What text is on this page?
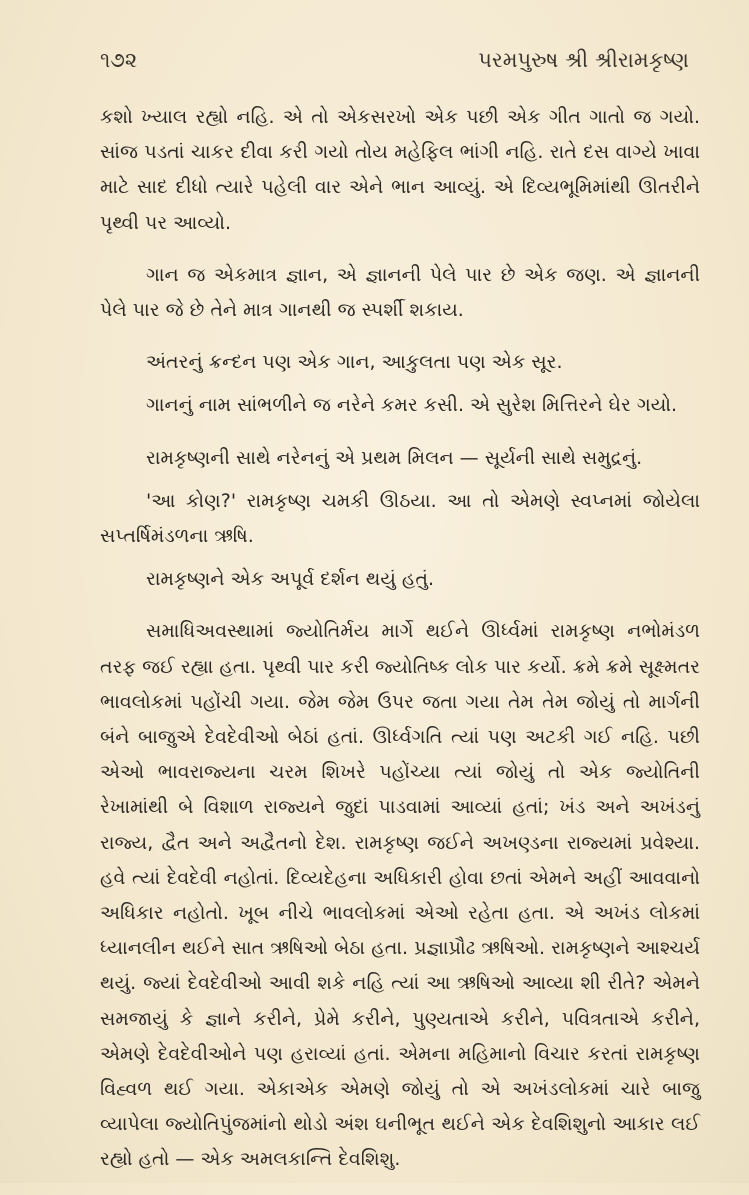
૧૭૨	પરમપુરુષ શ્રી શ્રીરામકૃષ્ણ

કશો ખ્યાલ રહ્યો નહિ. એ તો એકસરખો એક પછી એક ગીત ગાતો જ ગયો. સાંજ પડતાં ચાકર દીવા કરી ગયો તોય મહેફિલ ભાંગી નહિ. રાતે દસ વાગ્યે ખાવા માટે સાદ દીધો ત્યારે પહેલી વાર એને ભાન આવ્યું. એ દિવ્યભૂમિમાંથી ઊતરીને પૃથ્વી પર આવ્યો.

ગાન જ એકમાત્ર જ્ઞાન, એ જ્ઞાનની પેલે પાર છે એક જણ. એ જ્ઞાનની પેલે પાર જે છે તેને માત્ર ગાનથી જ સ્પર્શી શકાય.

અંતરનું ક્રન્દન પણ એક ગાન, આકુલતા પણ એક સૂર.

ગાનનું નામ સાંભળીને જ નરેને કમર કસી. એ સુરેશ મિત્તિરને ઘેર ગયો.

રામકૃષ્ણની સાથે નરેનનું એ પ્રથમ મિલન — સૂર્યની સાથે સમુદ્રનું.

'આ કોણ?' રામકૃષ્ણ ચમકી ઊઠયા. આ તો એમણે સ્વપ્નમાં જોયેલા સપ્તર્ષિમંડળના ઋષિ.

રામકૃષ્ણને એક અપૂર્વ દર્શન થયું હતું.

સમાધિઅવસ્થામાં જ્યોતિર્મય માર્ગે થઈને ઊર્ધ્વમાં રામકૃષ્ણ નભોમંડળ તરફ જઈ રહ્યા હતા. પૃથ્વી પાર કરી જ્યોતિષ્ક લોક પાર કર્યો. ક્રમે ક્રમે સૂક્ષ્મતર ભાવલોકમાં પહોંચી ગયા. જેમ જેમ ઉપર જતા ગયા તેમ તેમ જોયું તો માર્ગની બંને બાજુએ દેવદેવીઓ બેઠાં હતાં. ઊર્ધ્વગતિ ત્યાં પણ અટકી ગઈ નહિ. પછી એઓ ભાવરાજ્યના ચરમ શિખરે પહોંચ્યા ત્યાં જોયું તો એક જ્યોતિની રેખામાંથી બે વિશાળ રાજ્યને જુદાં પાડવામાં આવ્યાં હતાં; ખંડ અને અખંડનું રાજ્ય, દ્વૈત અને અદ્વૈતનો દેશ. રામકૃષ્ણ જઈને અખણ્ડના રાજ્યમાં પ્રવેશ્યા. હવે ત્યાં દેવદેવી નહોતાં. દિવ્યદેહના અધિકારી હોવા છતાં એમને અહીં આવવાનો અધિકાર નહોતો. ખૂબ નીચે ભાવલોકમાં એઓ રહેતા હતા. એ અખંડ લોકમાં ધ્યાનલીન થઈને સાત ઋષિઓ બેઠા હતા. પ્રજ્ઞાપ્રૌઢ ઋષિઓ. રામકૃષ્ણને આશ્ચર્ય થયું. જ્યાં દેવદેવીઓ આવી શકે નહિ ત્યાં આ ઋષિઓ આવ્યા શી રીતે? એમને સમજાયું કે જ્ઞાને કરીને, પ્રેમે કરીને, પુણ્યતાએ કરીને, પવિત્રતાએ કરીને, એમણે દેવદેવીઓને પણ હરાવ્યાં હતાં. એમના મહિમાનો વિચાર કરતાં રામકૃષ્ણ વિહ્વળ થઈ ગયા. એકાએક એમણે જોયું તો એ અખંડલોકમાં ચારે બાજુ વ્યાપેલા જ્યોતિપુંજમાંનો થોડો અંશ ઘનીભૂત થઈને એક દેવશિશુનો આકાર લઈ રહ્યો હતો — એક અમલકાન્તિ દેવશિશુ.
